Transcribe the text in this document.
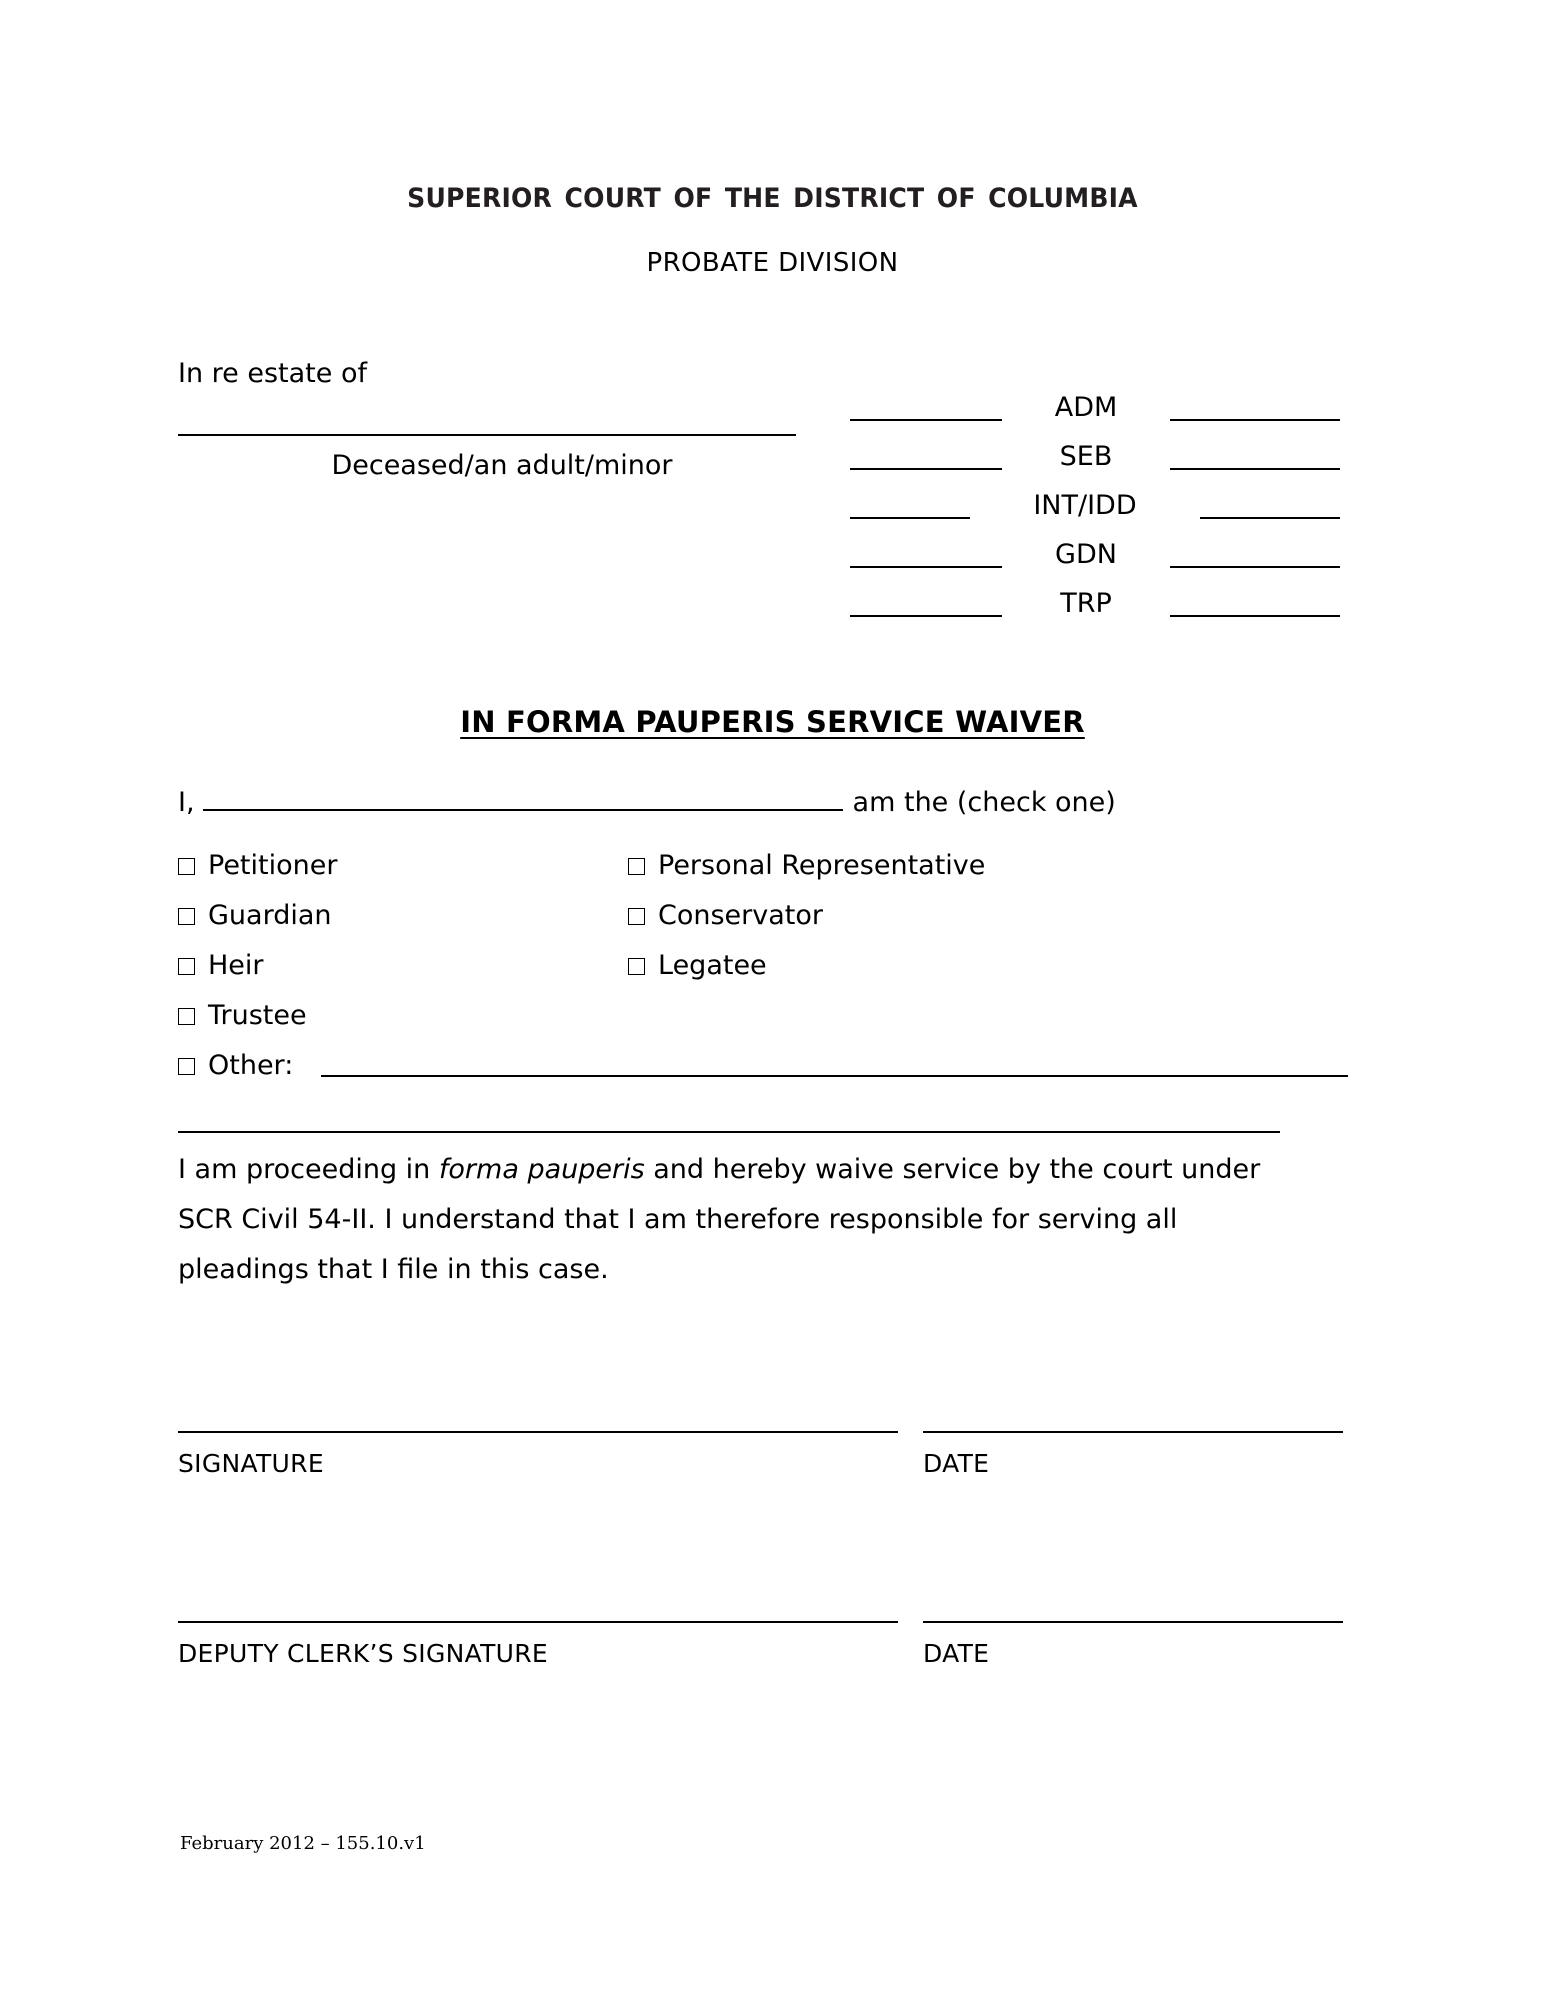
superior court of the district of columbia
PROBATE DIVISION
In re estate of
Deceased/an adult/minor
ADM
SEB
INT/IDD
GDN
TRP
IN FORMA PAUPERIS SERVICE WAIVER
I,	am the (check one)
Petitioner	Personal Representative
Guardian	Conservator
Heir	Legatee
Trustee
Other:
I am proceeding in forma pauperis and hereby waive service by the court under SCR Civil 54-II. I understand that I am therefore responsible for serving all pleadings that I file in this case.
SIGNATURE	DATE
DEPUTY CLERK’S SIGNATURE	DATE
February 2012 – 155.10.v1
